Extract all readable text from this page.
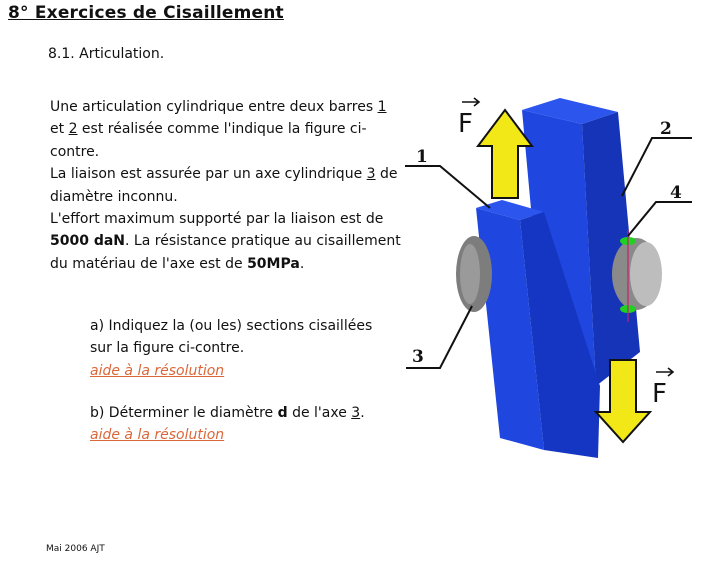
8° Exercices de Cisaillement
8.1. Articulation.
Une articulation cylindrique entre deux barres 1 et 2 est réalisée comme l'indique la figure ci-contre.
La liaison est assurée par un axe cylindrique 3 de diamètre inconnu.
L'effort maximum supporté par la liaison est de 5000 daN. La résistance pratique au cisaillement du matériau de l'axe est de 50MPa.
a) Indiquez la (ou les) sections cisaillées sur la figure ci-contre.
aide à la résolution
b) Déterminer le diamètre d de l'axe 3.
aide à la résolution
Mai 2006 AJT
1
2
4
3
F
F
